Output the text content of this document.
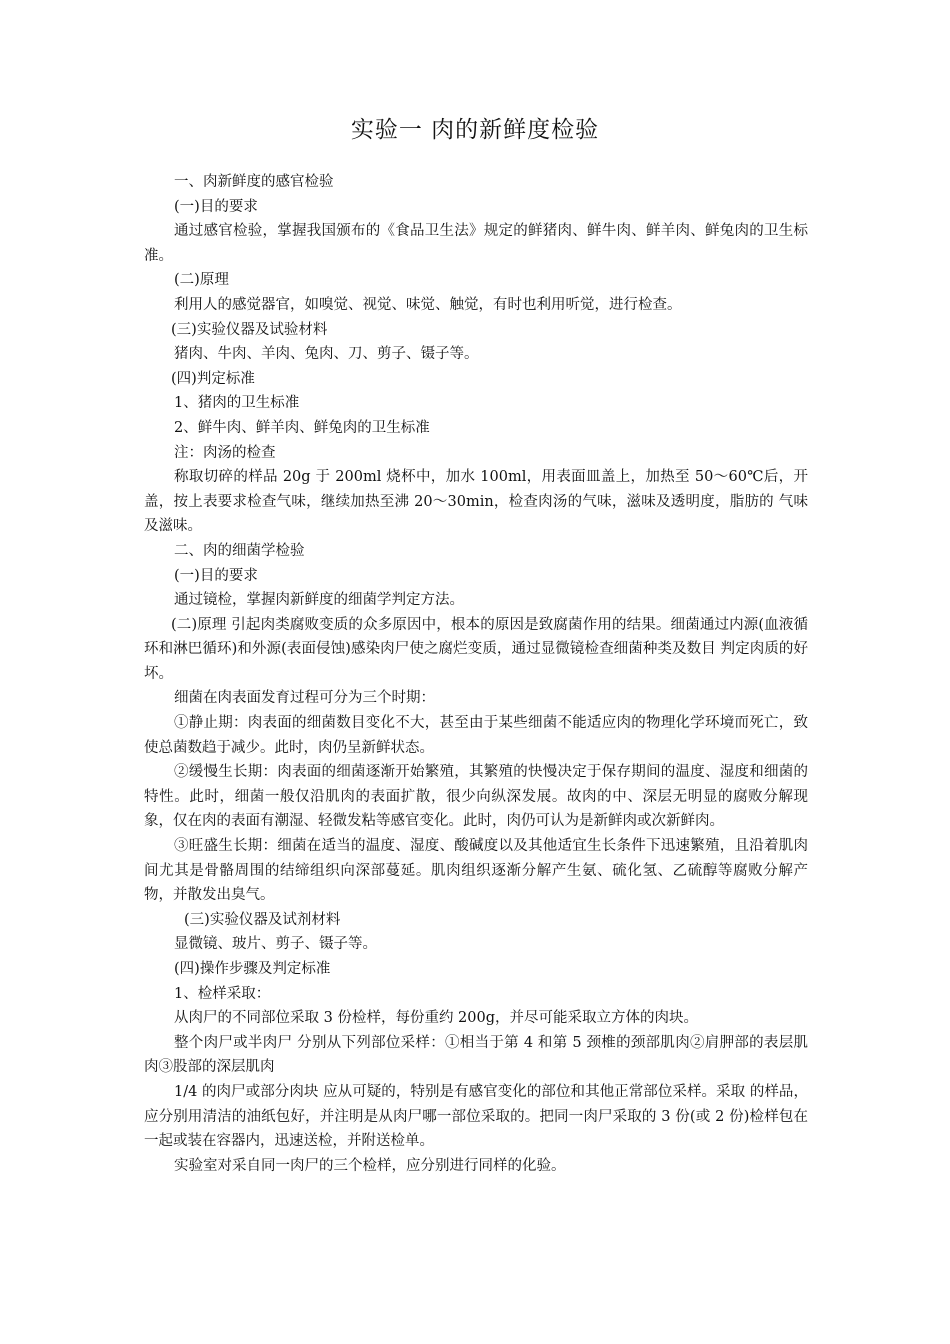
实验一 肉的新鲜度检验

一、肉新鲜度的感官检验

(一)目的要求

通过感官检验，掌握我国颁布的《食品卫生法》规定的鲜猪肉、鲜牛肉、鲜羊肉、鲜兔肉的卫生标准。

(二)原理

利用人的感觉器官，如嗅觉、视觉、味觉、触觉，有时也利用听觉，进行检查。

(三)实验仪器及试验材料

猪肉、牛肉、羊肉、兔肉、刀、剪子、镊子等。

(四)判定标准

1、猪肉的卫生标准

2、鲜牛肉、鲜羊肉、鲜兔肉的卫生标准

注：肉汤的检查

称取切碎的样品 20g 于 200ml 烧杯中，加水 100ml，用表面皿盖上，加热至 50～60℃后，开盖，按上表要求检查气味，继续加热至沸 20～30min，检查肉汤的气味，滋味及透明度，脂肪的 气味及滋味。

二、肉的细菌学检验

(一)目的要求

通过镜检，掌握肉新鲜度的细菌学判定方法。

(二)原理 引起肉类腐败变质的众多原因中，根本的原因是致腐菌作用的结果。细菌通过内源(血液循 环和淋巴循环)和外源(表面侵蚀)感染肉尸使之腐烂变质，通过显微镜检查细菌种类及数目 判定肉质的好坏。

细菌在肉表面发育过程可分为三个时期：

①静止期：肉表面的细菌数目变化不大，甚至由于某些细菌不能适应肉的物理化学环境而死亡，致使总菌数趋于减少。此时，肉仍呈新鲜状态。

②缓慢生长期：肉表面的细菌逐渐开始繁殖，其繁殖的快慢决定于保存期间的温度、湿度和细菌的特性。此时，细菌一般仅沿肌肉的表面扩散，很少向纵深发展。故肉的中、深层无明显的腐败分解现象，仅在肉的表面有潮湿、轻微发粘等感官变化。此时，肉仍可认为是新鲜肉或次新鲜肉。

③旺盛生长期：细菌在适当的温度、湿度、酸碱度以及其他适宜生长条件下迅速繁殖，且沿着肌肉间尤其是骨骼周围的结缔组织向深部蔓延。肌肉组织逐渐分解产生氨、硫化氢、乙硫醇等腐败分解产物，并散发出臭气。

(三)实验仪器及试剂材料

显微镜、玻片、剪子、镊子等。

(四)操作步骤及判定标准

1、检样采取：

从肉尸的不同部位采取 3 份检样，每份重约 200g，并尽可能采取立方体的肉块。

整个肉尸或半肉尸 分别从下列部位采样：①相当于第 4 和第 5 颈椎的颈部肌肉②肩胛部的表层肌肉③股部的深层肌肉

1/4 的肉尸或部分肉块 应从可疑的，特别是有感官变化的部位和其他正常部位采样。采取 的样品，应分别用清洁的油纸包好，并注明是从肉尸哪一部位采取的。把同一肉尸采取的 3 份(或 2 份)检样包在一起或装在容器内，迅速送检，并附送检单。

实验室对采自同一肉尸的三个检样，应分别进行同样的化验。
